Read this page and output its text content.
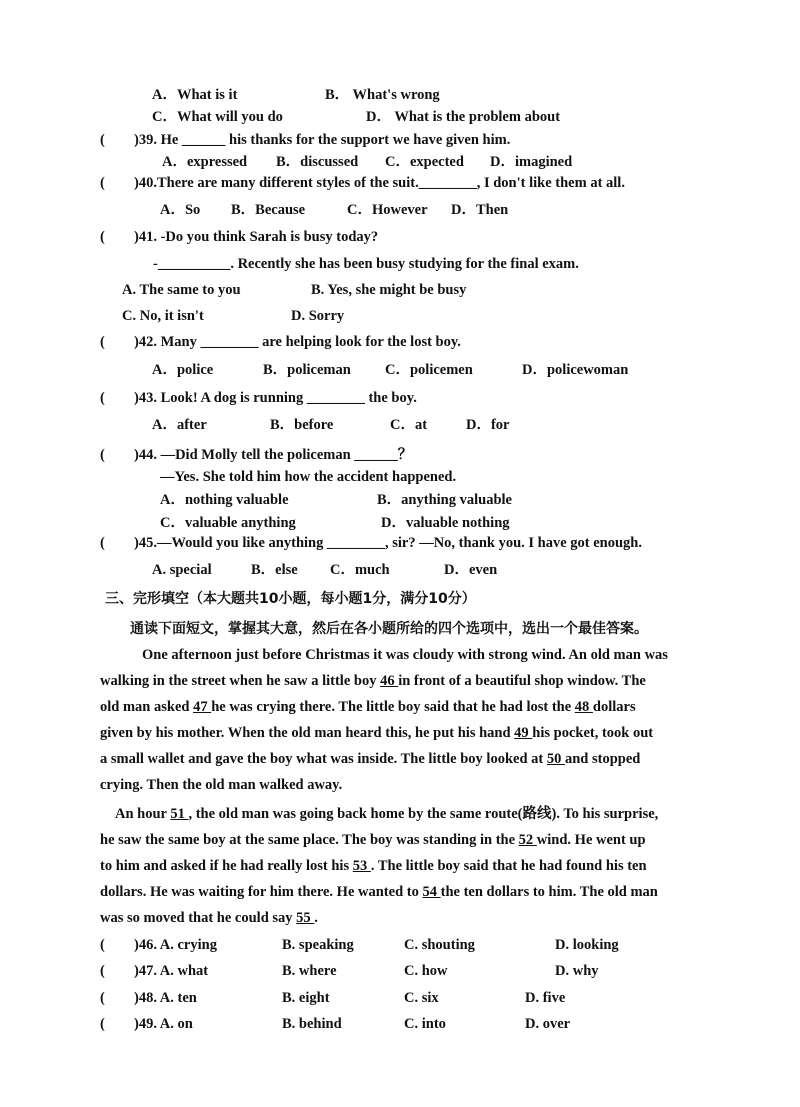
A．What is it	B． What's wrong
C．What will you do	D． What is the problem about
( )39. He ______ his thanks for the support we have given him.
A．expressed B．discussed C．expected D．imagined
( )40.There are many different styles of the suit.________, I don't like them at all.
A．So B．Because	C．However D．Then
( )41. -Do you think Sarah is busy today?
-__________. Recently she has been busy studying for the final exam.
A. The same to you	B. Yes, she might be busy
C. No, it isn't	D. Sorry
( )42. Many ________ are helping look for the lost boy.
A．police	B．policeman C．policemen	D．policewoman
( )43. Look! A dog is running ________ the boy.
A．after	B．before	C．at	D．for
( )44. —Did Molly tell the policeman ______？
—Yes. She told him how the accident happened.
A．nothing valuable	B．anything valuable
C．valuable anything	D．valuable nothing
( )45.—Would you like anything ________, sir? —No, thank you. I have got enough.
A. special	B．else C．much	D．even
三、完形填空（本大题共10小题，每小题1分，满分10分）
通读下面短文，掌握其大意，然后在各小题所给的四个选项中，选出一个最佳答案。
One afternoon just before Christmas it was cloudy with strong wind. An old man was
walking in the street when he saw a little boy 46 in front of a beautiful shop window. The
old man asked 47 he was crying there. The little boy said that he had lost the 48 dollars
given by his mother. When the old man heard this, he put his hand 49 his pocket, took out
a small wallet and gave the boy what was inside. The little boy looked at 50 and stopped
crying. Then the old man walked away.
An hour 51 , the old man was going back home by the same route(路线). To his surprise,
he saw the same boy at the same place. The boy was standing in the 52 wind. He went up
to him and asked if he had really lost his 53 . The little boy said that he had found his ten
dollars. He was waiting for him there. He wanted to 54 the ten dollars to him. The old man
was so moved that he could say 55 .
( )46. A. crying	B. speaking	C. shouting	D. looking
( )47. A. what	B. where	C. how	D. why
( )48. A. ten	B. eight	C. six	D. five
( )49. A. on	B. behind	C. into	D. over
